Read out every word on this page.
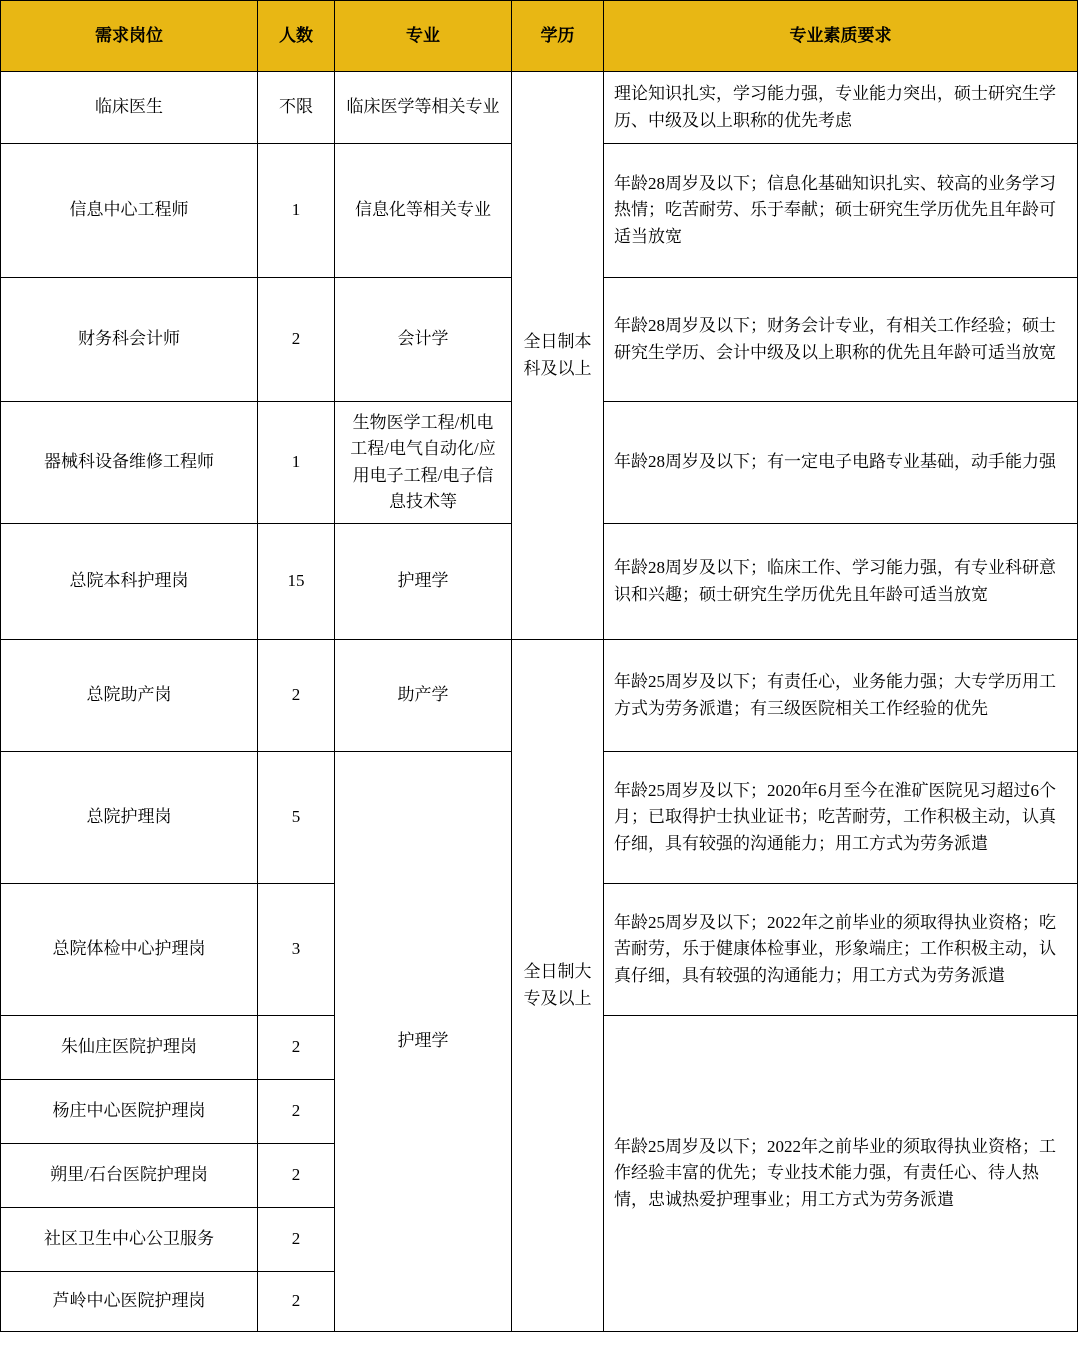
需求岗位	人数	专业	学历	专业素质要求
临床医生	不限	临床医学等相关专业	全日制本科及以上	理论知识扎实，学习能力强，专业能力突出，硕士研究生学历、中级及以上职称的优先考虑
信息中心工程师	1	信息化等相关专业		年龄28周岁及以下；信息化基础知识扎实、较高的业务学习热情；吃苦耐劳、乐于奉献；硕士研究生学历优先且年龄可适当放宽
财务科会计师	2	会计学		年龄28周岁及以下；财务会计专业，有相关工作经验；硕士研究生学历、会计中级及以上职称的优先且年龄可适当放宽
器械科设备维修工程师	1	生物医学工程/机电工程/电气自动化/应用电子工程/电子信息技术等		年龄28周岁及以下；有一定电子电路专业基础，动手能力强
总院本科护理岗	15	护理学		年龄28周岁及以下；临床工作、学习能力强，有专业科研意识和兴趣；硕士研究生学历优先且年龄可适当放宽
总院助产岗	2	助产学	全日制大专及以上	年龄25周岁及以下；有责任心，业务能力强；大专学历用工方式为劳务派遣；有三级医院相关工作经验的优先
总院护理岗	5	护理学		年龄25周岁及以下；2020年6月至今在淮矿医院见习超过6个月；已取得护士执业证书；吃苦耐劳，工作积极主动，认真仔细，具有较强的沟通能力；用工方式为劳务派遣
总院体检中心护理岗	3			年龄25周岁及以下；2022年之前毕业的须取得执业资格；吃苦耐劳，乐于健康体检事业，形象端庄；工作积极主动，认真仔细，具有较强的沟通能力；用工方式为劳务派遣
朱仙庄医院护理岗	2			年龄25周岁及以下；2022年之前毕业的须取得执业资格；工作经验丰富的优先；专业技术能力强，有责任心、待人热情，忠诚热爱护理事业；用工方式为劳务派遣
杨庄中心医院护理岗	2			
朔里/石台医院护理岗	2			
社区卫生中心公卫服务	2			
芦岭中心医院护理岗	2			
